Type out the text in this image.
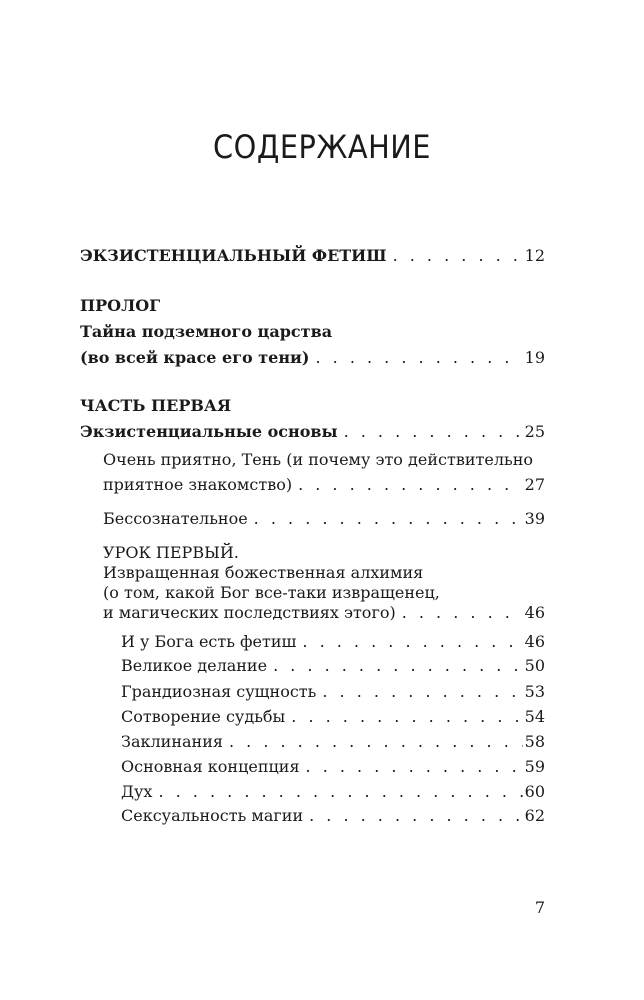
СОДЕРЖАНИЕ
ЭКЗИСТЕНЦИАЛЬНЫЙ ФЕТИШ . . .	12
ПРОЛОГ
Тайна подземного царства
(во всей красе его тени) . . .	19
ЧАСТЬ ПЕРВАЯ
Экзистенциальные основы . . .	25
Очень приятно, Тень (и почему это действительно
приятное знакомство) . . .	27
Бессознательное . . .	39
УРОК ПЕРВЫЙ.
Извращенная божественная алхимия
(о том, какой Бог все-таки извращенец,
и магических последствиях этого) . . .	46
И у Бога есть фетиш . . .	46
Великое делание . . .	50
Грандиозная сущность . . .	53
Сотворение судьбы . . .	54
Заклинания . . .	58
Основная концепция . . .	59
Дух . . .	60
Сексуальность магии . . .	62
7
